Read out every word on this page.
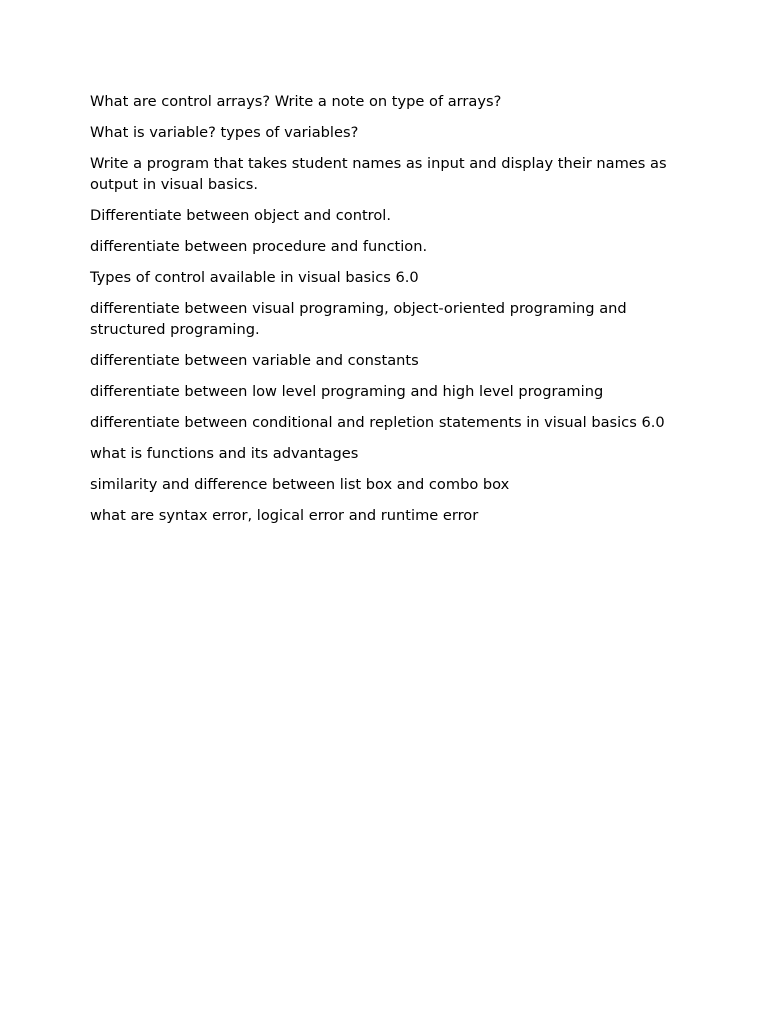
What are control arrays? Write a note on type of arrays?

What is variable? types of variables?

Write a program that takes student names as input and display their names as output in visual basics.

Differentiate between object and control.

differentiate between procedure and function.

Types of control available in visual basics 6.0

differentiate between visual programing, object-oriented programing and structured programing.

differentiate between variable and constants

differentiate between low level programing and high level programing

differentiate between conditional and repletion statements in visual basics 6.0

what is functions and its advantages

similarity and difference between list box and combo box

what are syntax error, logical error and runtime error
